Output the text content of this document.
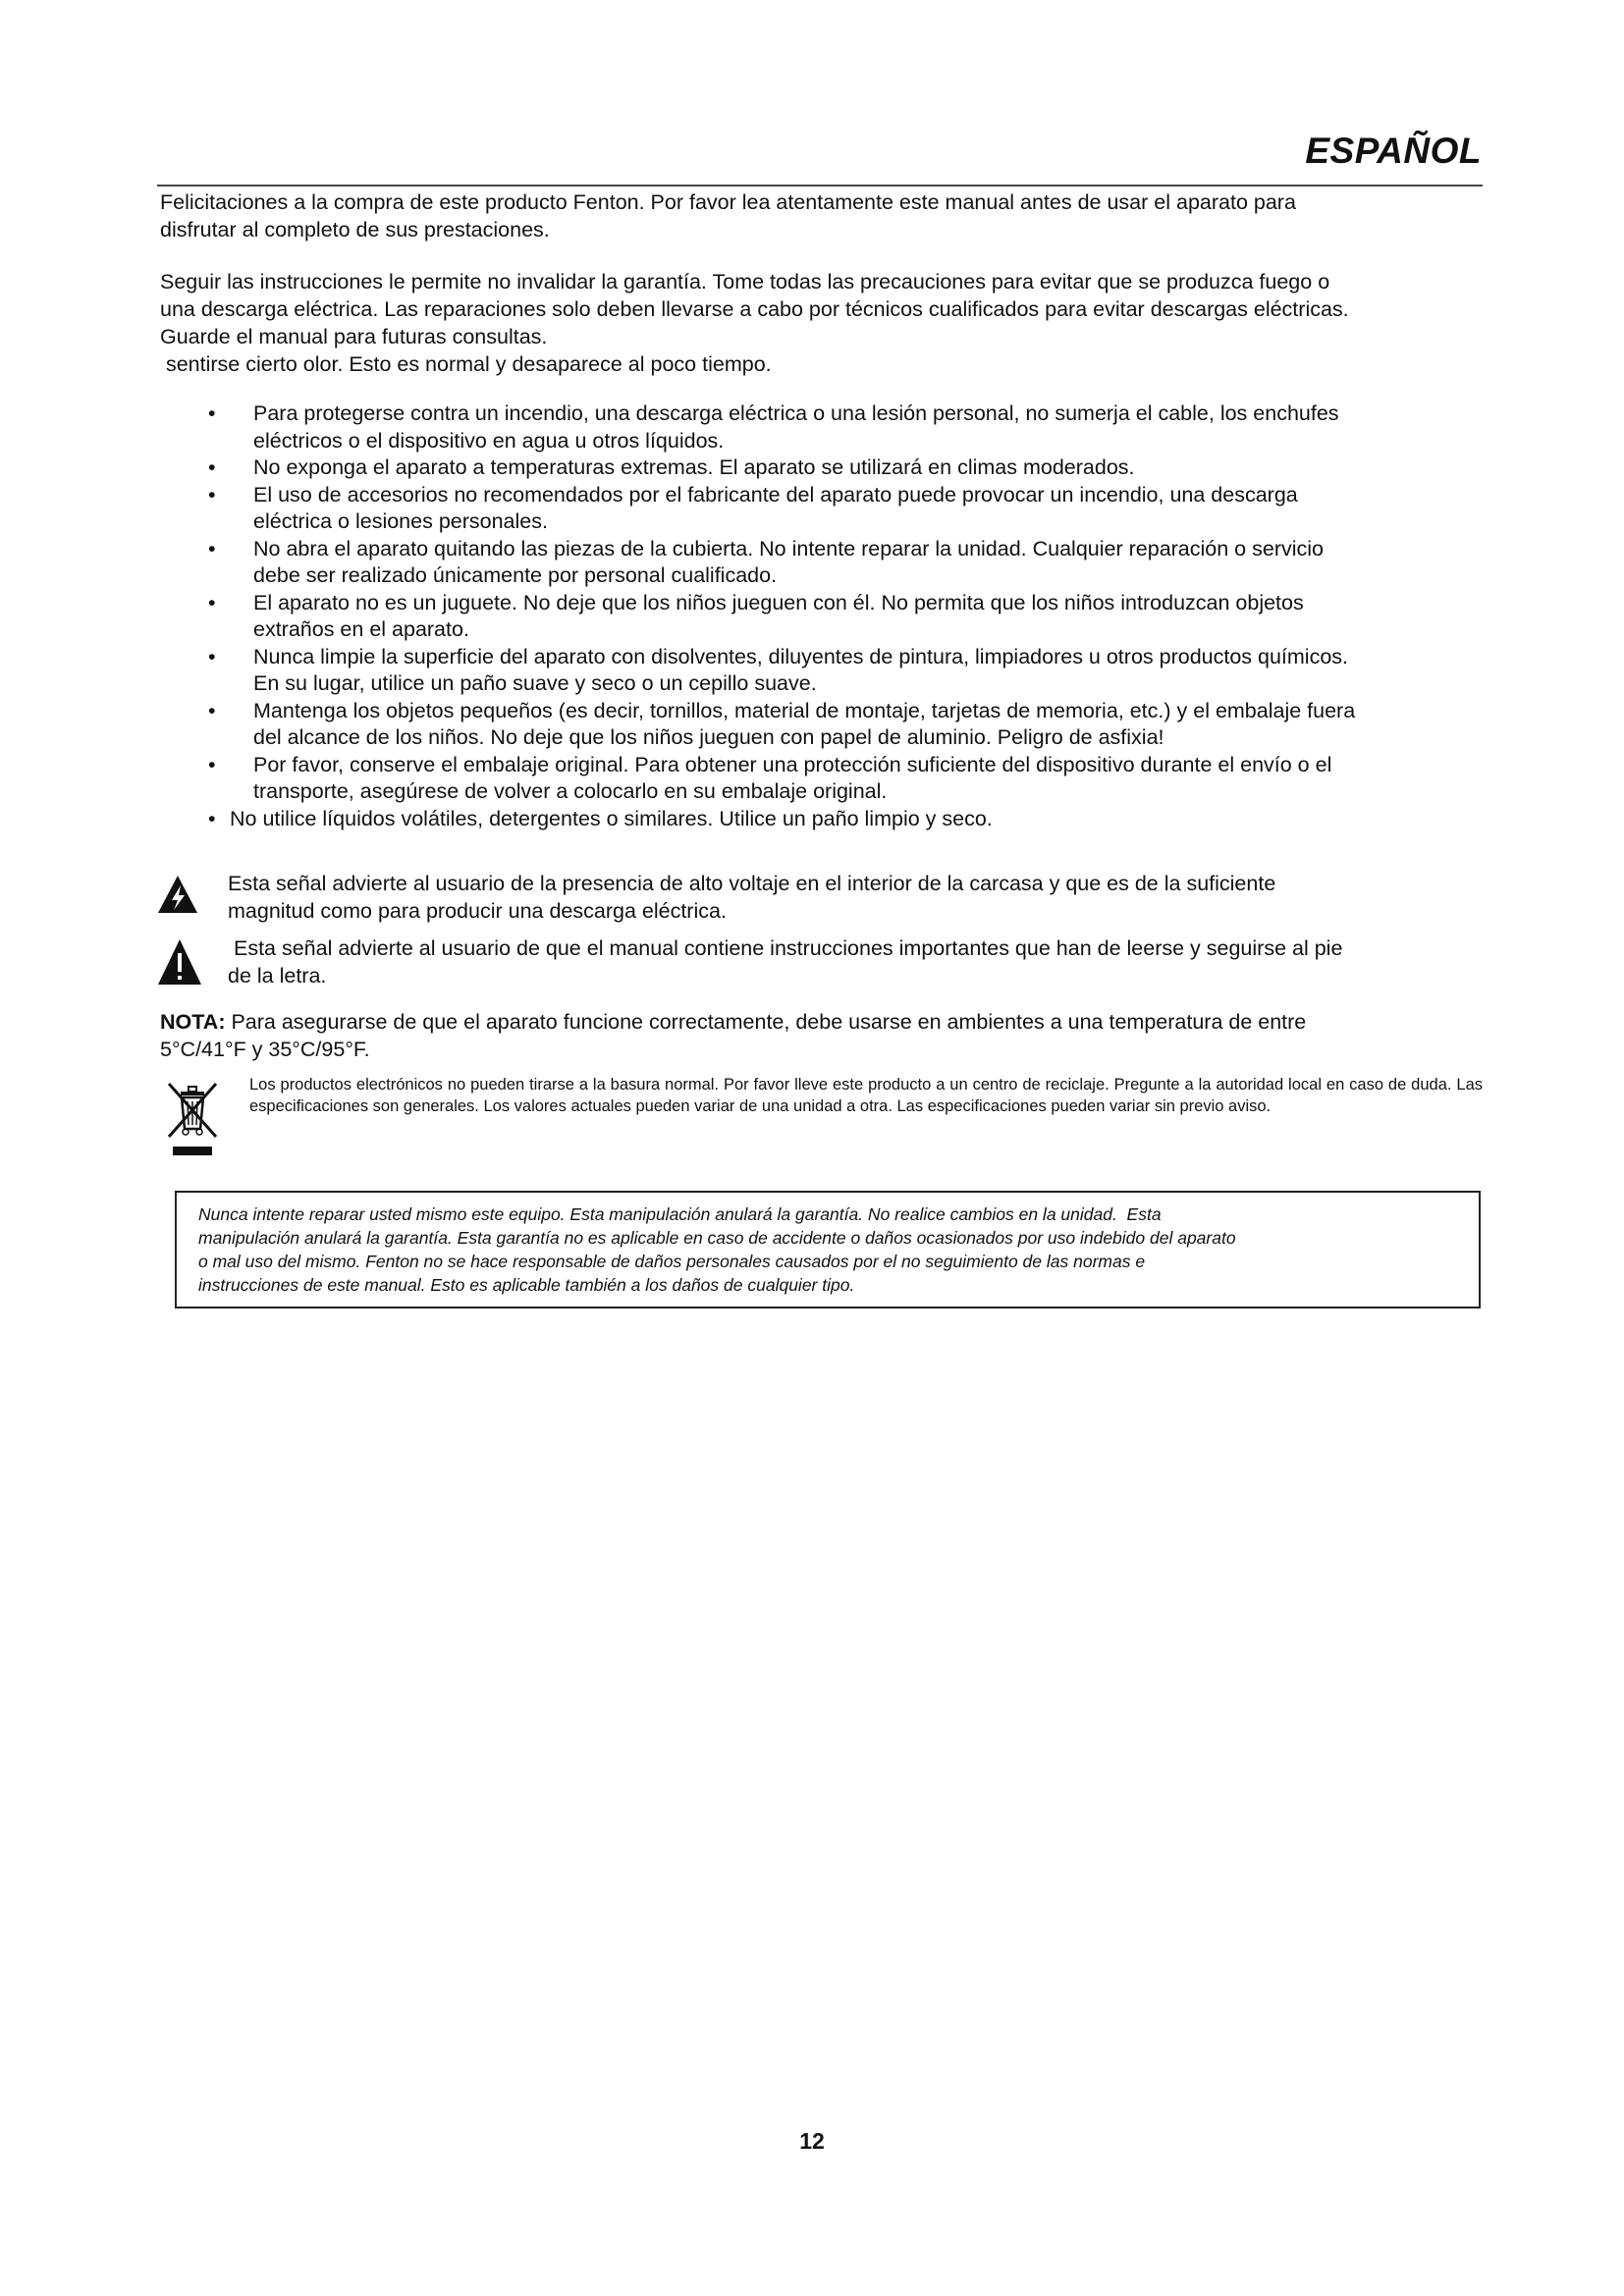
ESPAÑOL

Felicitaciones a la compra de este producto Fenton. Por favor lea atentamente este manual antes de usar el aparato para

disfrutar al completo de sus prestaciones.

Seguir las instrucciones le permite no invalidar la garantía. Tome todas las precauciones para evitar que se produzca fuego o

una descarga eléctrica. Las reparaciones solo deben llevarse a cabo por técnicos cualificados para evitar descargas eléctricas.

Guarde el manual para futuras consultas.

sentirse cierto olor. Esto es normal y desaparece al poco tiempo.

• Para protegerse contra un incendio, una descarga eléctrica o una lesión personal, no sumerja el cable, los enchufes
eléctricos o el dispositivo en agua u otros líquidos.
• No exponga el aparato a temperaturas extremas. El aparato se utilizará en climas moderados.
• El uso de accesorios no recomendados por el fabricante del aparato puede provocar un incendio, una descarga
eléctrica o lesiones personales.
• No abra el aparato quitando las piezas de la cubierta. No intente reparar la unidad. Cualquier reparación o servicio
debe ser realizado únicamente por personal cualificado.
• El aparato no es un juguete. No deje que los niños jueguen con él. No permita que los niños introduzcan objetos
extraños en el aparato.
• Nunca limpie la superficie del aparato con disolventes, diluyentes de pintura, limpiadores u otros productos químicos.
En su lugar, utilice un paño suave y seco o un cepillo suave.
• Mantenga los objetos pequeños (es decir, tornillos, material de montaje, tarjetas de memoria, etc.) y el embalaje fuera
del alcance de los niños. No deje que los niños jueguen con papel de aluminio. Peligro de asfixia!
• Por favor, conserve el embalaje original. Para obtener una protección suficiente del dispositivo durante el envío o el
transporte, asegúrese de volver a colocarlo en su embalaje original.
• No utilice líquidos volátiles, detergentes o similares. Utilice un paño limpio y seco.
Esta señal advierte al usuario de la presencia de alto voltaje en el interior de la carcasa y que es de la suficiente
magnitud como para producir una descarga eléctrica.
Esta señal advierte al usuario de que el manual contiene instrucciones importantes que han de leerse y seguirse al pie
de la letra.
NOTA: Para asegurarse de que el aparato funcione correctamente, debe usarse en ambientes a una temperatura de entre
5°C/41°F y 35°C/95°F.
Los productos electrónicos no pueden tirarse a la basura normal. Por favor lleve este producto a un centro de reciclaje. Pregunte a la autoridad local en caso de duda. Las especificaciones son generales. Los valores actuales pueden variar de una unidad a otra. Las especificaciones pueden variar sin previo aviso.
Nunca intente reparar usted mismo este equipo. Esta manipulación anulará la garantía. No realice cambios en la unidad.  Esta
manipulación anulará la garantía. Esta garantía no es aplicable en caso de accidente o daños ocasionados por uso indebido del aparato
o mal uso del mismo. Fenton no se hace responsable de daños personales causados por el no seguimiento de las normas e
instrucciones de este manual. Esto es aplicable también a los daños de cualquier tipo.
12
